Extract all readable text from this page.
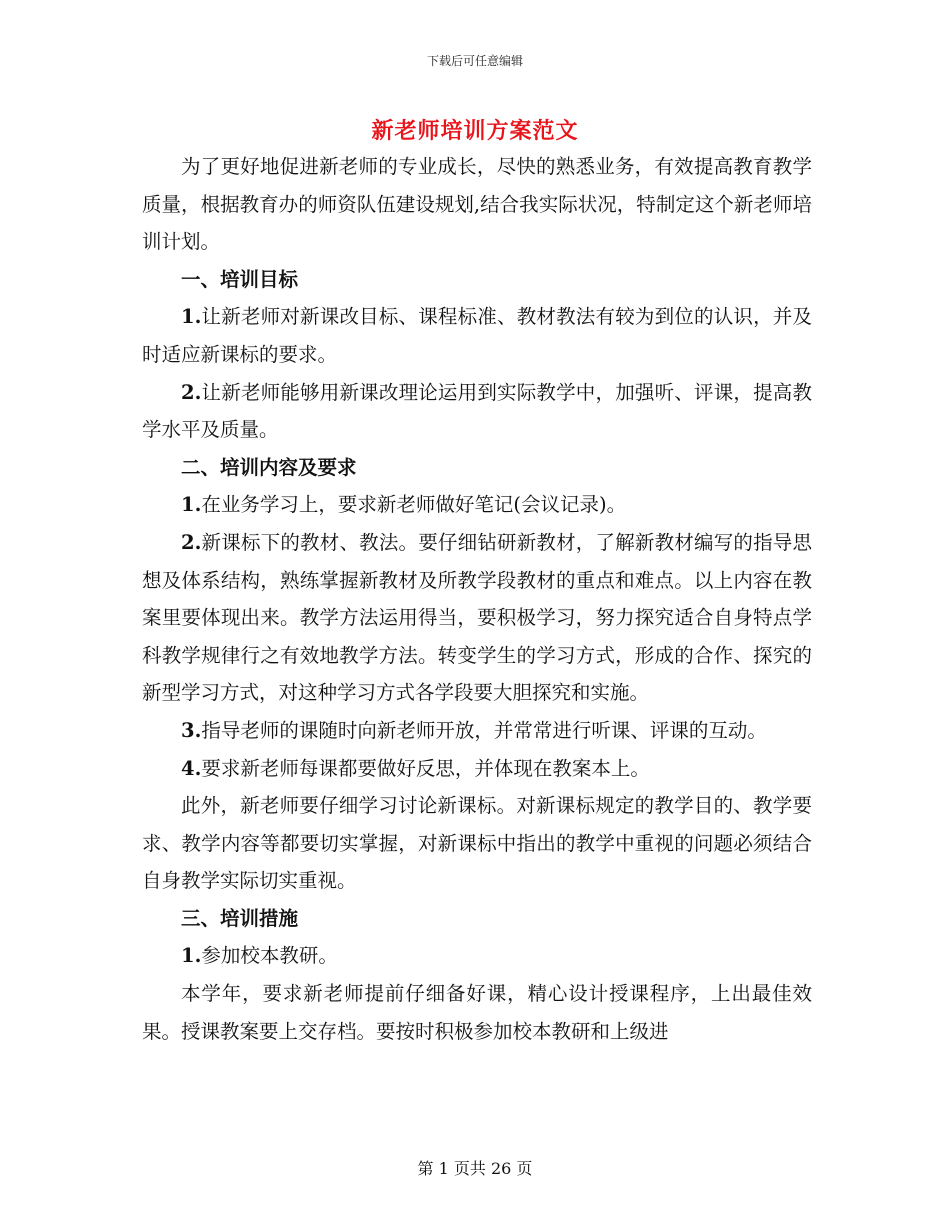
下载后可任意编辑
新老师培训方案范文

为了更好地促进新老师的专业成长，尽快的熟悉业务，有效提高教育教学质量，根据教育办的师资队伍建设规划,结合我实际状况，特制定这个新老师培训计划。

一、培训目标

1.让新老师对新课改目标、课程标准、教材教法有较为到位的认识，并及时适应新课标的要求。

2.让新老师能够用新课改理论运用到实际教学中，加强听、评课，提高教学水平及质量。

二、培训内容及要求

1.在业务学习上，要求新老师做好笔记(会议记录)。

2.新课标下的教材、教法。要仔细钻研新教材，了解新教材编写的指导思想及体系结构，熟练掌握新教材及所教学段教材的重点和难点。以上内容在教案里要体现出来。教学方法运用得当，要积极学习，努力探究适合自身特点学科教学规律行之有效地教学方法。转变学生的学习方式，形成的合作、探究的新型学习方式，对这种学习方式各学段要大胆探究和实施。

3.指导老师的课随时向新老师开放，并常常进行听课、评课的互动。

4.要求新老师每课都要做好反思，并体现在教案本上。

此外，新老师要仔细学习讨论新课标。对新课标规定的教学目的、教学要求、教学内容等都要切实掌握，对新课标中指出的教学中重视的问题必须结合自身教学实际切实重视。

三、培训措施

1.参加校本教研。

本学年，要求新老师提前仔细备好课，精心设计授课程序，上出最佳效果。授课教案要上交存档。要按时积极参加校本教研和上级进

第 1 页共 26 页
